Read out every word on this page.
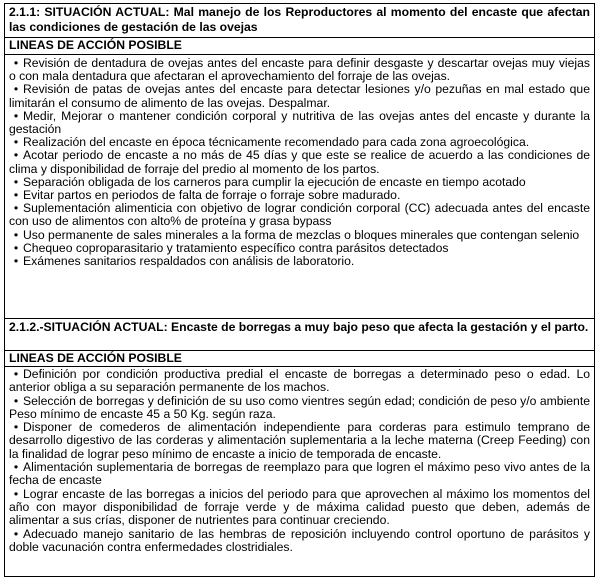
2.1.1: SITUACIÓN ACTUAL: Mal manejo de los Reproductores al momento del encaste que afectan las condiciones de gestación de las ovejas
LINEAS DE ACCIÓN POSIBLE
• Revisión de dentadura de ovejas antes del encaste para definir desgaste y descartar ovejas muy viejas o con mala dentadura que afectaran el aprovechamiento del forraje de las ovejas.
• Revisión de patas de ovejas antes del encaste para detectar lesiones y/o pezuñas en mal estado que limitarán el consumo de alimento de las ovejas. Despalmar.
• Medir, Mejorar o mantener condición corporal y nutritiva de las ovejas antes del encaste y durante la gestación
• Realización del encaste en época técnicamente recomendado para cada zona agroecológica.
• Acotar periodo de encaste a no más de 45 días y que este se realice de acuerdo a las condiciones de clima y disponibilidad de forraje del predio al momento de los partos.
• Separación obligada de los carneros para cumplir la ejecución de encaste en tiempo acotado
• Evitar partos en periodos de falta de forraje o forraje sobre madurado.
• Suplementación alimenticia con objetivo de lograr condición corporal (CC) adecuada antes del encaste con uso de alimentos con alto% de proteína y grasa bypass
• Uso permanente de sales minerales a la forma de mezclas o bloques minerales que contengan selenio
• Chequeo coproparasitario y tratamiento específico contra parásitos detectados
• Exámenes sanitarios respaldados con análisis de laboratorio.
2.1.2.-SITUACIÓN ACTUAL: Encaste de borregas a muy bajo peso que afecta la gestación y el parto.
LINEAS DE ACCIÓN POSIBLE
• Definición por condición productiva predial el encaste de borregas a determinado peso o edad. Lo anterior obliga a su separación permanente de los machos.
• Selección de borregas y definición de su uso como vientres según edad; condición de peso y/o ambiente Peso mínimo de encaste 45 a 50 Kg. según raza.
• Disponer de comederos de alimentación independiente para corderas para estimulo temprano de desarrollo digestivo de las corderas y alimentación suplementaria a la leche materna (Creep Feeding) con la finalidad de lograr peso mínimo de encaste a inicio de temporada de encaste.
• Alimentación suplementaria de borregas de reemplazo para que logren el máximo peso vivo antes de la fecha de encaste
• Lograr encaste de las borregas a inicios del periodo para que aprovechen al máximo los momentos del año con mayor disponibilidad de forraje verde y de máxima calidad puesto que deben, además de alimentar a sus crías, disponer de nutrientes para continuar creciendo.
• Adecuado manejo sanitario de las hembras de reposición incluyendo control oportuno de parásitos y doble vacunación contra enfermedades clostridiales.
